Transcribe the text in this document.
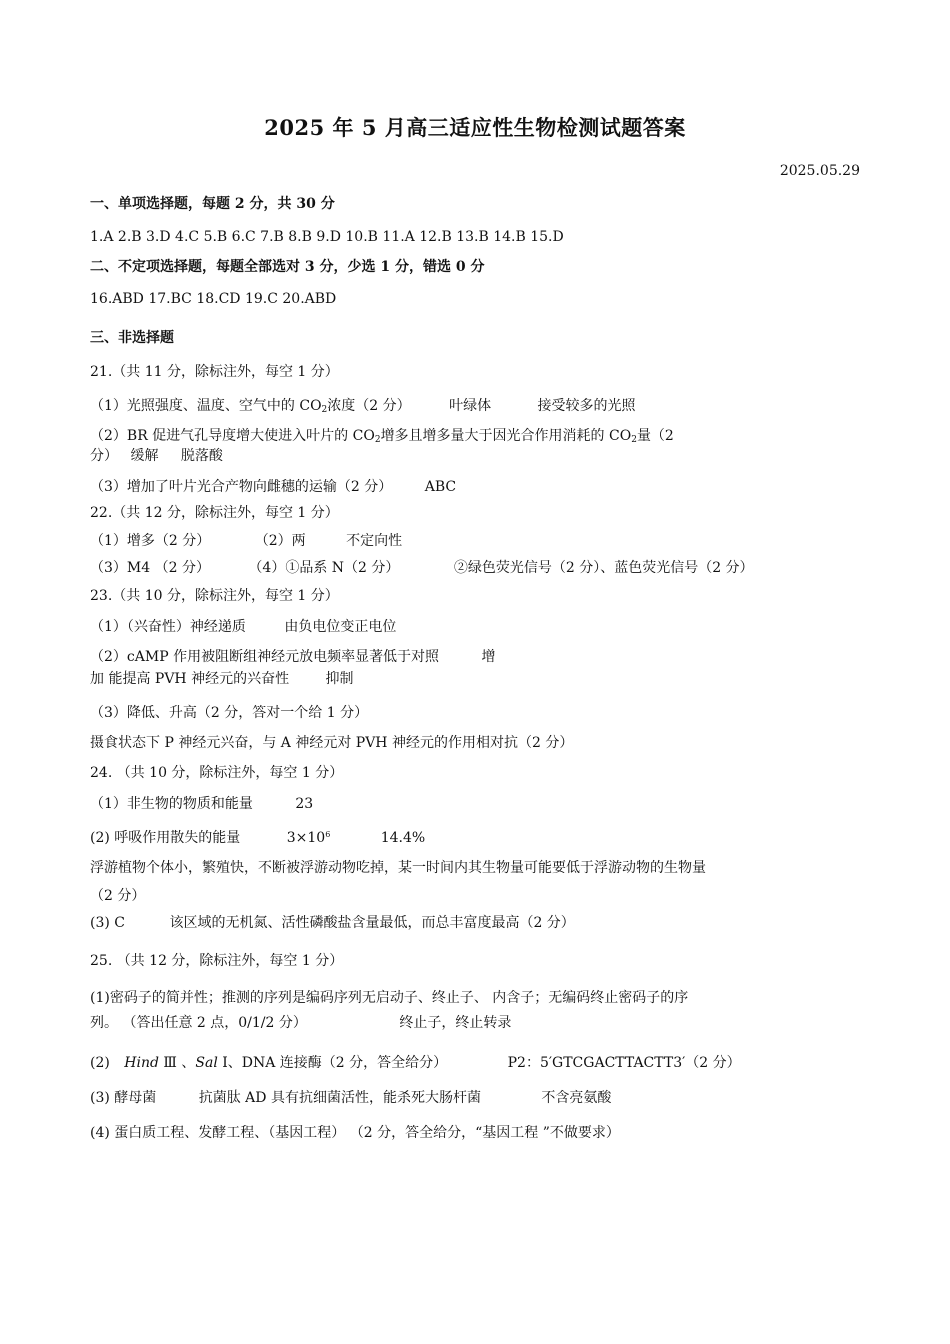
2025 年 5 月高三适应性生物检测试题答案
2025.05.29
一、单项选择题，每题 2 分，共 30 分
1.A 2.B 3.D 4.C 5.B 6.C 7.B 8.B 9.D 10.B 11.A 12.B 13.B 14.B 15.D
二、不定项选择题，每题全部选对 3 分，少选 1 分，错选 0 分
16.ABD 17.BC 18.CD 19.C 20.ABD
三、非选择题
21.（共 11 分，除标注外，每空 1 分）
（1）光照强度、温度、空气中的 $CO_2$浓度（2 分）	叶绿体	接受较多的光照
（2）BR 促进气孔导度增大使进入叶片的 $CO_2$增多且增多量大于因光合作用消耗的 $CO_2$量（2
分） 缓解 脱落酸
（3）增加了叶片光合产物向雌穗的运输（2 分） ABC
22.（共 12 分，除标注外，每空 1 分）
（1）增多（2 分）	（2）两	不定向性
（3）M4 （2 分）	（4）①品系 N（2 分）	②绿色荧光信号（2 分）、蓝色荧光信号（2 分）
23.（共 10 分，除标注外，每空 1 分）
（1）（兴奋性）神经递质	由负电位变正电位
（2）cAMP 作用被阻断组神经元放电频率显著低于对照	增
加 能提高 PVH 神经元的兴奋性	抑制
（3）降低、升高（2 分，答对一个给 1 分）
摄食状态下 P 神经元兴奋，与 A 神经元对 PVH 神经元的作用相对抗（2 分）
24. （共 10 分，除标注外，每空 1 分）
（1）非生物的物质和能量	23
(2) 呼吸作用散失的能量	$3\times 10^6$	14.4%
浮游植物个体小，繁殖快，不断被浮游动物吃掉，某一时间内其生物量可能要低于浮游动物的生物量
（2 分）
(3) C	该区域的无机氮、活性磷酸盐含量最低，而总丰富度最高（2 分）
25. （共 12 分，除标注外，每空 1 分）
(1)密码子的简并性；推测的序列是编码序列无启动子、终止子、 内含子；无编码终止密码子的序
列。 （答出任意 2 点，0/1/2 分）	终止子，终止转录
(2) Hind Ⅲ 、Sal Ⅰ、DNA 连接酶（2 分，答全给分）	P2：5′GTCGACTTACTT3′（2 分）
(3) 酵母菌	抗菌肽 AD 具有抗细菌活性，能杀死大肠杆菌	不含亮氨酸
(4) 蛋白质工程、发酵工程、（基因工程） （2 分，答全给分，“基因工程 ”不做要求）
